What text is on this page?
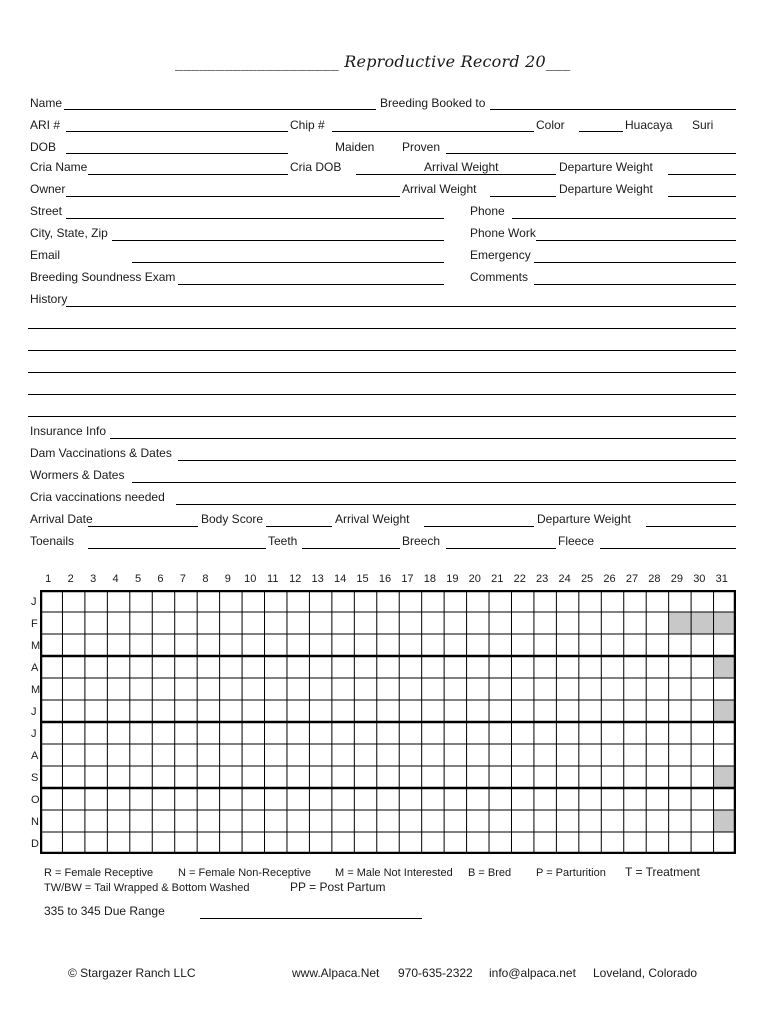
____________________ Reproductive Record 20___
Name	Breeding Booked to
ARI #	Chip #	Color	Huacaya Suri
DOB	Maiden Proven
Cria Name	Cria DOB	Arrival Weight	Departure Weight
Owner	Arrival Weight	Departure Weight
Street	Phone
City, State, Zip	Phone Work
Email	Emergency
Breeding Soundness Exam	Comments
History
Insurance Info
Dam Vaccinations & Dates
Wormers & Dates
Cria vaccinations needed
Arrival Date	Body Score	Arrival Weight	Departure Weight
Toenails	Teeth	Breech	Fleece
1	2	3	4	5	6	7	8	9	10 11 12 13 14 15 16 17 18 19 20 21 22 23 24 25 26 27 28 29 30 31
J
F
M
A
M
J
J
A
S
O
N
D
R = Female Receptive N = Female Non-Receptive M = Male Not Interested B = Bred P = Parturition T = Treatment
TW/BW = Tail Wrapped & Bottom Washed	PP = Post Partum
335 to 345 Due Range
© Stargazer Ranch LLC	www.Alpaca.Net 970-635-2322 info@alpaca.net Loveland, Colorado
